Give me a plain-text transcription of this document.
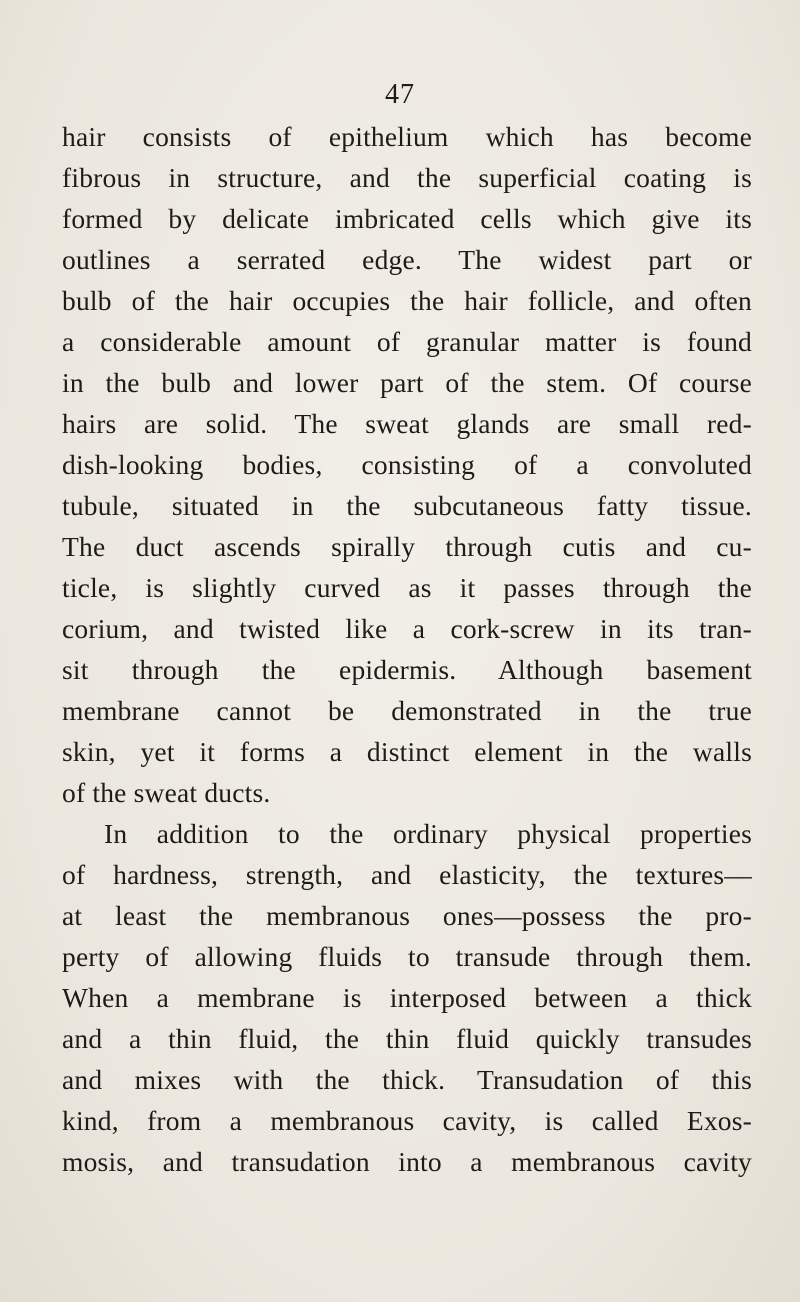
47
hair consists of epithelium which has become
fibrous in structure, and the superficial coating is
formed by delicate imbricated cells which give its
outlines a serrated edge. The widest part or
bulb of the hair occupies the hair follicle, and often
a considerable amount of granular matter is found
in the bulb and lower part of the stem. Of course
hairs are solid. The sweat glands are small red-
dish-looking bodies, consisting of a convoluted
tubule, situated in the subcutaneous fatty tissue.
The duct ascends spirally through cutis and cu-
ticle, is slightly curved as it passes through the
corium, and twisted like a cork-screw in its tran-
sit through the epidermis. Although basement
membrane cannot be demonstrated in the true
skin, yet it forms a distinct element in the walls
of the sweat ducts.
In addition to the ordinary physical properties
of hardness, strength, and elasticity, the textures—
at least the membranous ones—possess the pro-
perty of allowing fluids to transude through them.
When a membrane is interposed between a thick
and a thin fluid, the thin fluid quickly transudes
and mixes with the thick. Transudation of this
kind, from a membranous cavity, is called Exos-
mosis, and transudation into a membranous cavity
